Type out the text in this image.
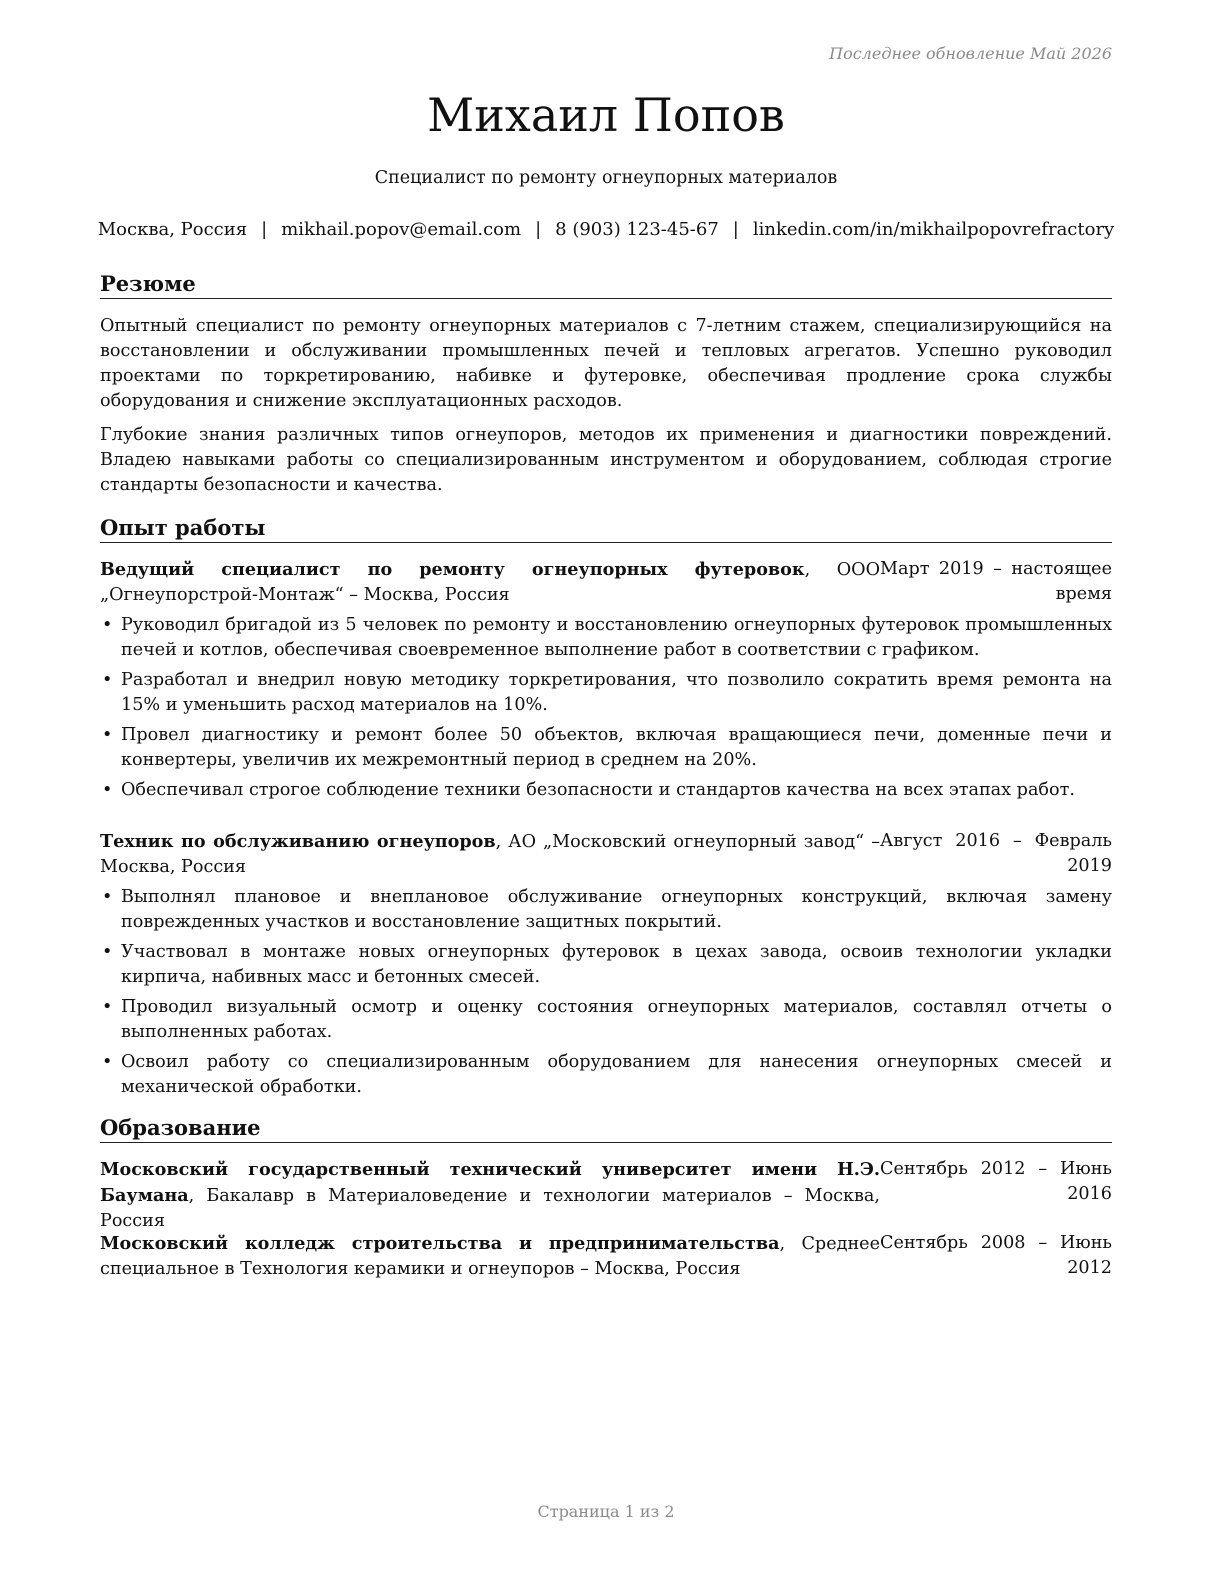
Последнее обновление Май 2026
Михаил Попов
Специалист по ремонту огнеупорных материалов
Москва, Россия | mikhail.popov@email.com | 8 (903) 123-45-67 | linkedin.com/in/mikhailpopovrefractory
Резюме

Опытный специалист по ремонту огнеупорных материалов с 7-летним стажем, специализирующийся на восстановлении и обслуживании промышленных печей и тепловых агрегатов. Успешно руководил проектами по торкретированию, набивке и футеровке, обеспечивая продление срока службы оборудования и снижение эксплуатационных расходов.

Глубокие знания различных типов огнеупоров, методов их применения и диагностики повреждений. Владею навыками работы со специализированным инструментом и оборудованием, соблюдая строгие стандарты безопасности и качества.

Опыт работы
Ведущий специалист по ремонту огнеупорных футеровок, ООО „Огнеупорстрой-Монтаж“ – Москва, Россия
Март 2019 – настоящее время
• Руководил бригадой из 5 человек по ремонту и восстановлению огнеупорных футеровок промышленных печей и котлов, обеспечивая своевременное выполнение работ в соответствии с графиком.
• Разработал и внедрил новую методику торкретирования, что позволило сократить время ремонта на 15% и уменьшить расход материалов на 10%.
• Провел диагностику и ремонт более 50 объектов, включая вращающиеся печи, доменные печи и конвертеры, увеличив их межремонтный период в среднем на 20%.
• Обеспечивал строгое соблюдение техники безопасности и стандартов качества на всех этапах работ.
Техник по обслуживанию огнеупоров, АО „Московский огнеупорный завод“ – Москва, Россия
Август 2016 – Февраль 2019
• Выполнял плановое и внеплановое обслуживание огнеупорных конструкций, включая замену поврежденных участков и восстановление защитных покрытий.
• Участвовал в монтаже новых огнеупорных футеровок в цехах завода, освоив технологии укладки кирпича, набивных масс и бетонных смесей.
• Проводил визуальный осмотр и оценку состояния огнеупорных материалов, составлял отчеты о выполненных работах.
• Освоил работу со специализированным оборудованием для нанесения огнеупорных смесей и механической обработки.
Образование
Московский государственный технический университет имени Н.Э. Баумана, Бакалавр в Материаловедение и технологии материалов – Москва, Россия
Сентябрь 2012 – Июнь 2016
Московский колледж строительства и предпринимательства, Среднее специальное в Технология керамики и огнеупоров – Москва, Россия
Сентябрь 2008 – Июнь 2012
Страница 1 из 2
